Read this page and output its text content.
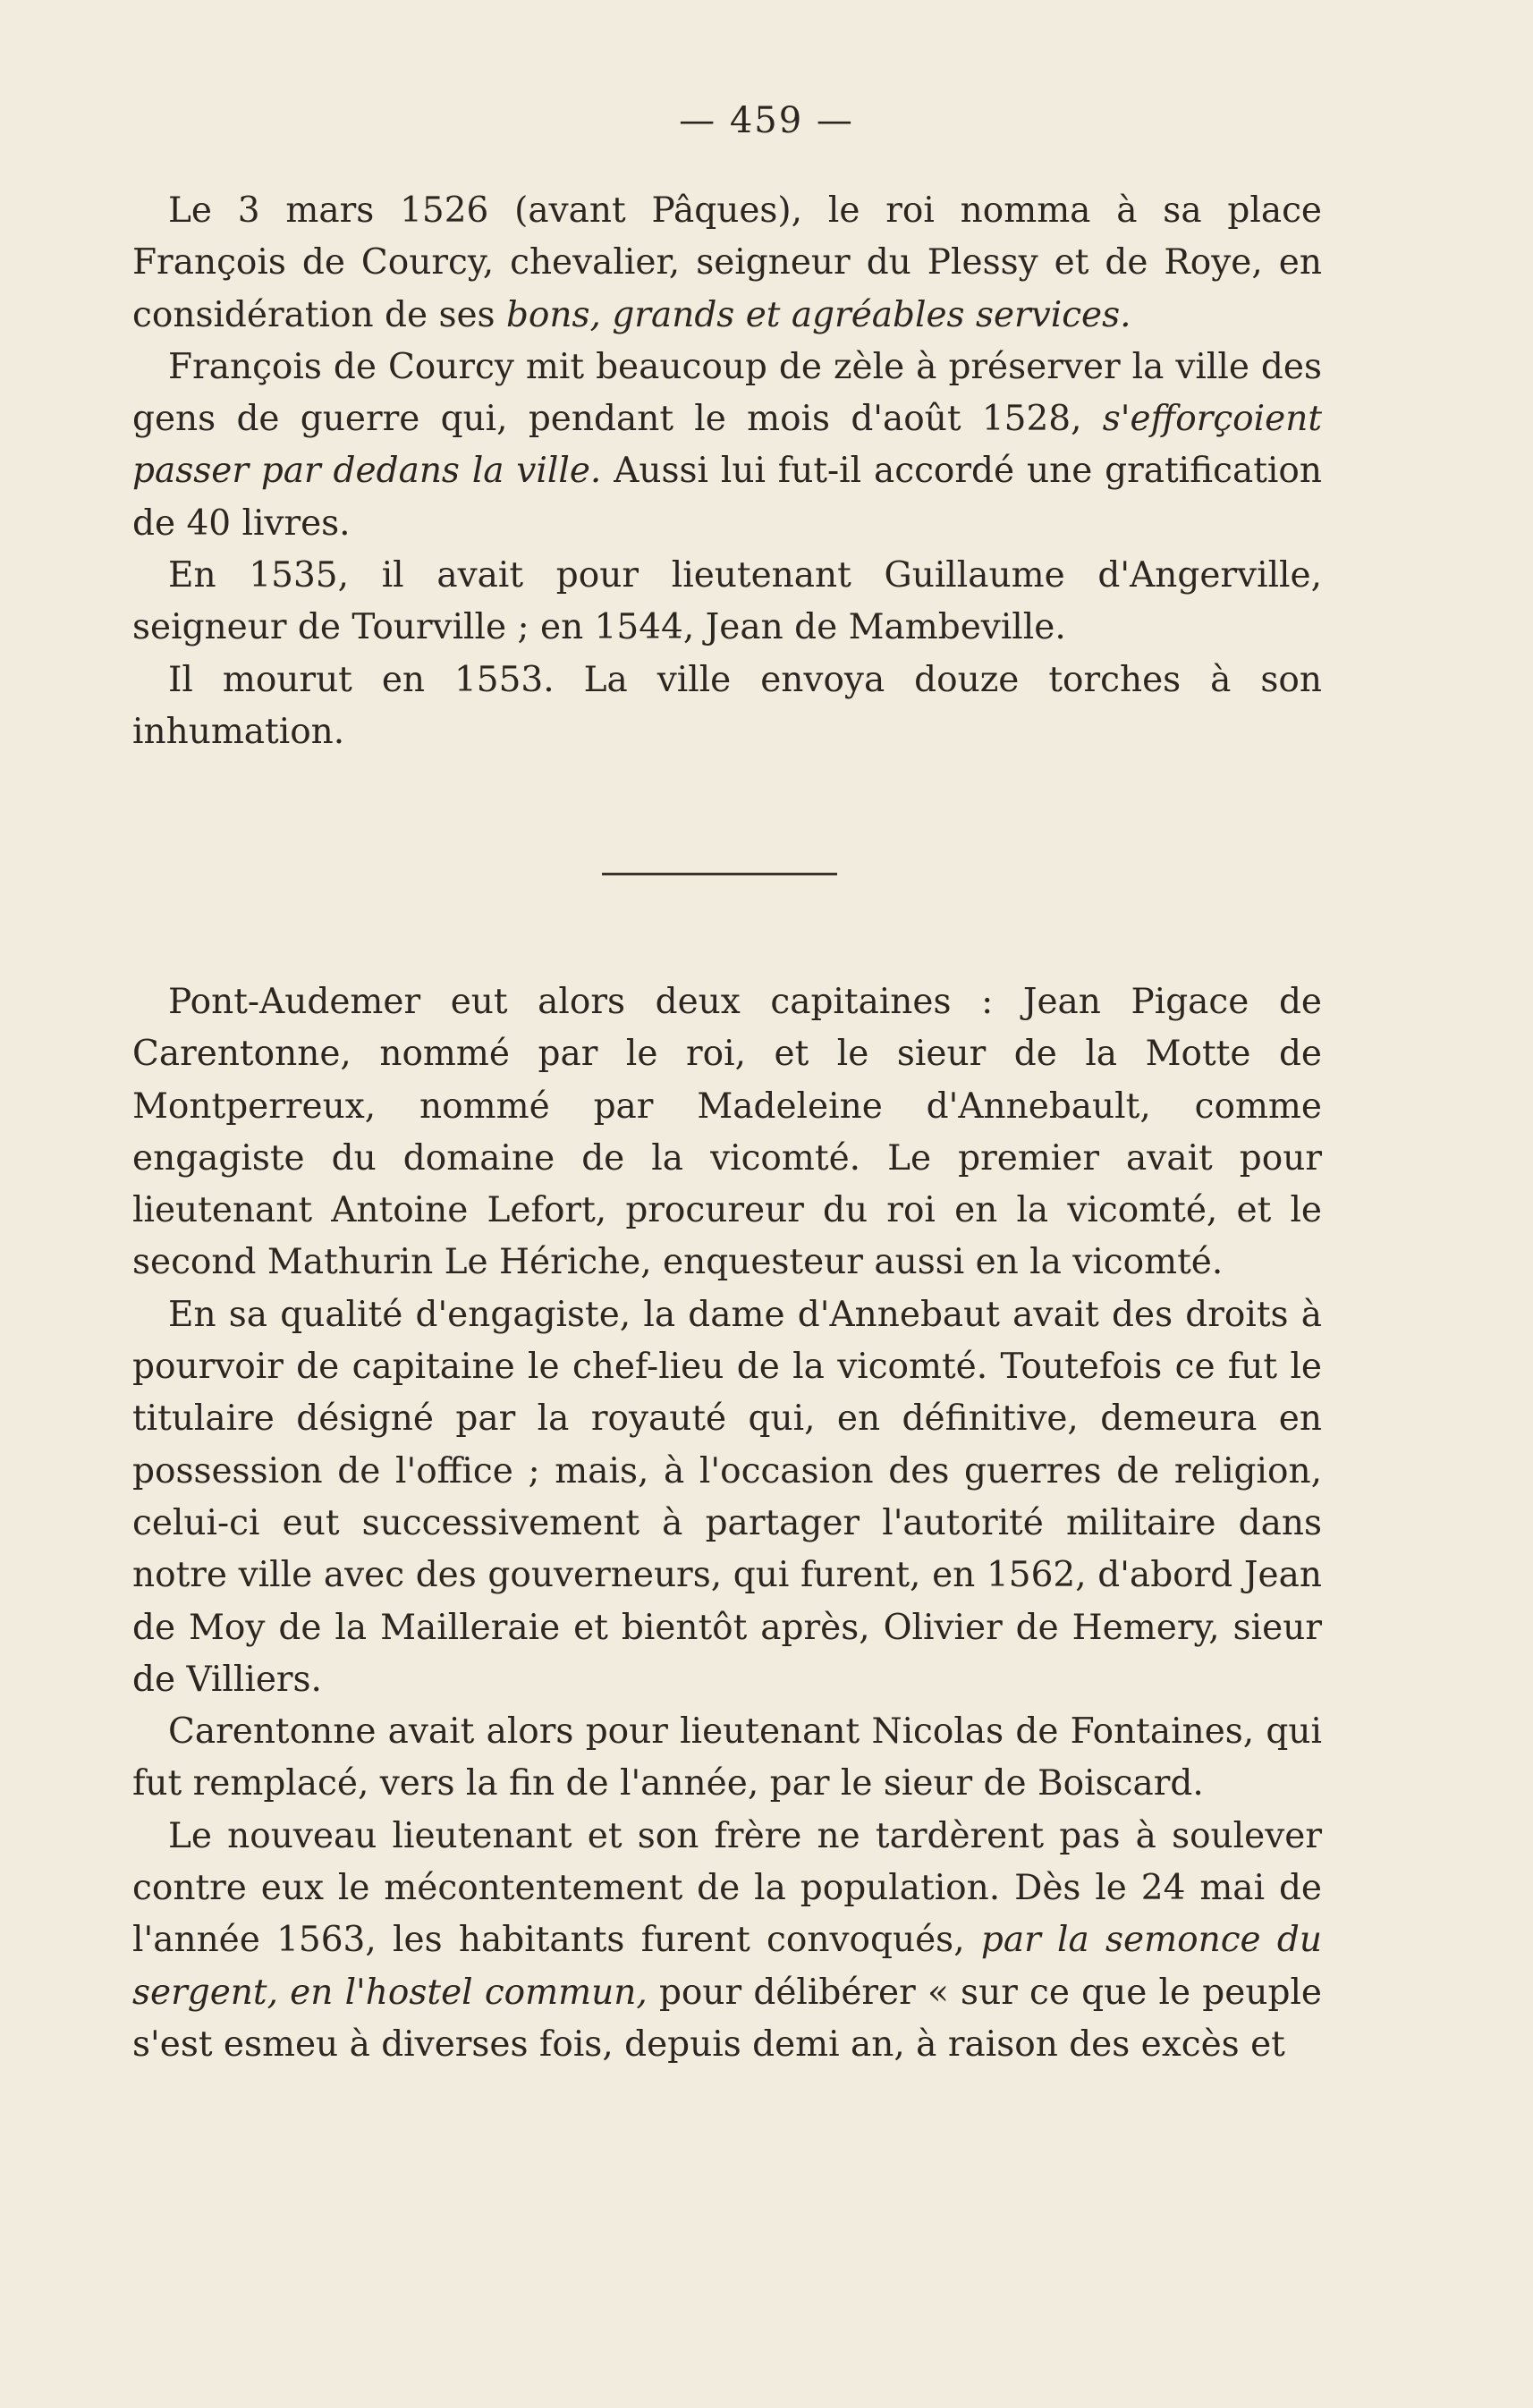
— 459 —

Le 3 mars 1526 (avant Pâques), le roi nomma à sa place François de Courcy, chevalier, seigneur du Plessy et de Roye, en considération de ses bons, grands et agréables services.

François de Courcy mit beaucoup de zèle à préserver la ville des gens de guerre qui, pendant le mois d'août 1528, s'efforçoient passer par dedans la ville. Aussi lui fut-il accordé une gratification de 40 livres.

En 1535, il avait pour lieutenant Guillaume d'Angerville, seigneur de Tourville ; en 1544, Jean de Mambeville.

Il mourut en 1553. La ville envoya douze torches à son inhumation.

Pont-Audemer eut alors deux capitaines : Jean Pigace de Carentonne, nommé par le roi, et le sieur de la Motte de Montperreux, nommé par Madeleine d'Annebault, comme engagiste du domaine de la vicomté. Le premier avait pour lieutenant Antoine Lefort, procureur du roi en la vicomté, et le second Mathurin Le Hériche, enquesteur aussi en la vicomté.

En sa qualité d'engagiste, la dame d'Annebaut avait des droits à pourvoir de capitaine le chef-lieu de la vicomté. Toutefois ce fut le titulaire désigné par la royauté qui, en définitive, demeura en possession de l'office ; mais, à l'occasion des guerres de religion, celui-ci eut successivement à partager l'autorité militaire dans notre ville avec des gouverneurs, qui furent, en 1562, d'abord Jean de Moy de la Mailleraie et bientôt après, Olivier de Hemery, sieur de Villiers.

Carentonne avait alors pour lieutenant Nicolas de Fontaines, qui fut remplacé, vers la fin de l'année, par le sieur de Boiscard.

Le nouveau lieutenant et son frère ne tardèrent pas à soulever contre eux le mécontentement de la population. Dès le 24 mai de l'année 1563, les habitants furent convoqués, par la semonce du sergent, en l'hostel commun, pour délibérer « sur ce que le peuple s'est esmeu à diverses fois, depuis demi an, à raison des excès et
